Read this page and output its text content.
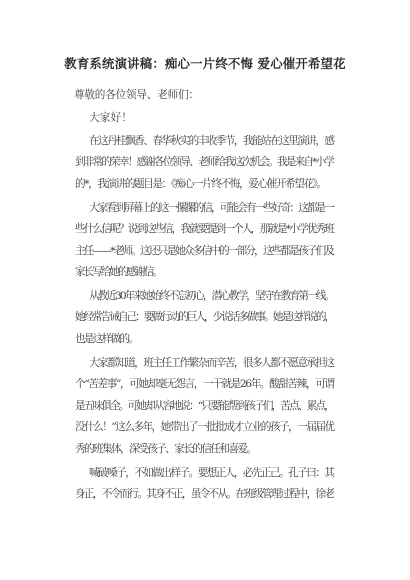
教育系统演讲稿：痴心一片终不悔 爱心催开希望花
尊敬的各位领导、老师们：
大家好！
在这丹桂飘香、春华秋实的丰收季节，我能站在这里演讲，感
到非常的荣幸！感谢各位领导、老师给我这次机会。我是来自*小学
的*，我演讲的题目是：《痴心一片终不悔，爱心催开希望花》。
大家看到屏幕上的这一摞摞的信，可能会有一些好奇：这都是一
些什么信呢？说到这些信，我就要提到一个人，那就是*小学优秀班
主任——*老师。这还只是她众多信中的一部分，这些都是孩子们及
家长写给她的感谢信。
从教近30年来她始终不忘初心，潜心教学，坚守在教育第一线。
她经常告诫自己：要做行动的巨人，少说话多做事。她是这样说的，
也是这样做的。
大家都知道，班主任工作繁杂而辛苦，很多人都不愿意承担这
个“苦差事”，可她却毫无怨言，一干就是26年。酸甜苦辣，可谓
是五味俱全。可她却从容地说：“只要能帮到孩子们，苦点、累点，
没什么！”这么多年，她带出了一批批成才立业的孩子，一届届优
秀的班集体，深受孩子、家长的信任和喜爱。
喊破嗓子，不如做出样子。要想正人，必先正己。孔子曰：其
身正，不令而行。其身不正，虽令不从。在班级管理过程中，徐老
